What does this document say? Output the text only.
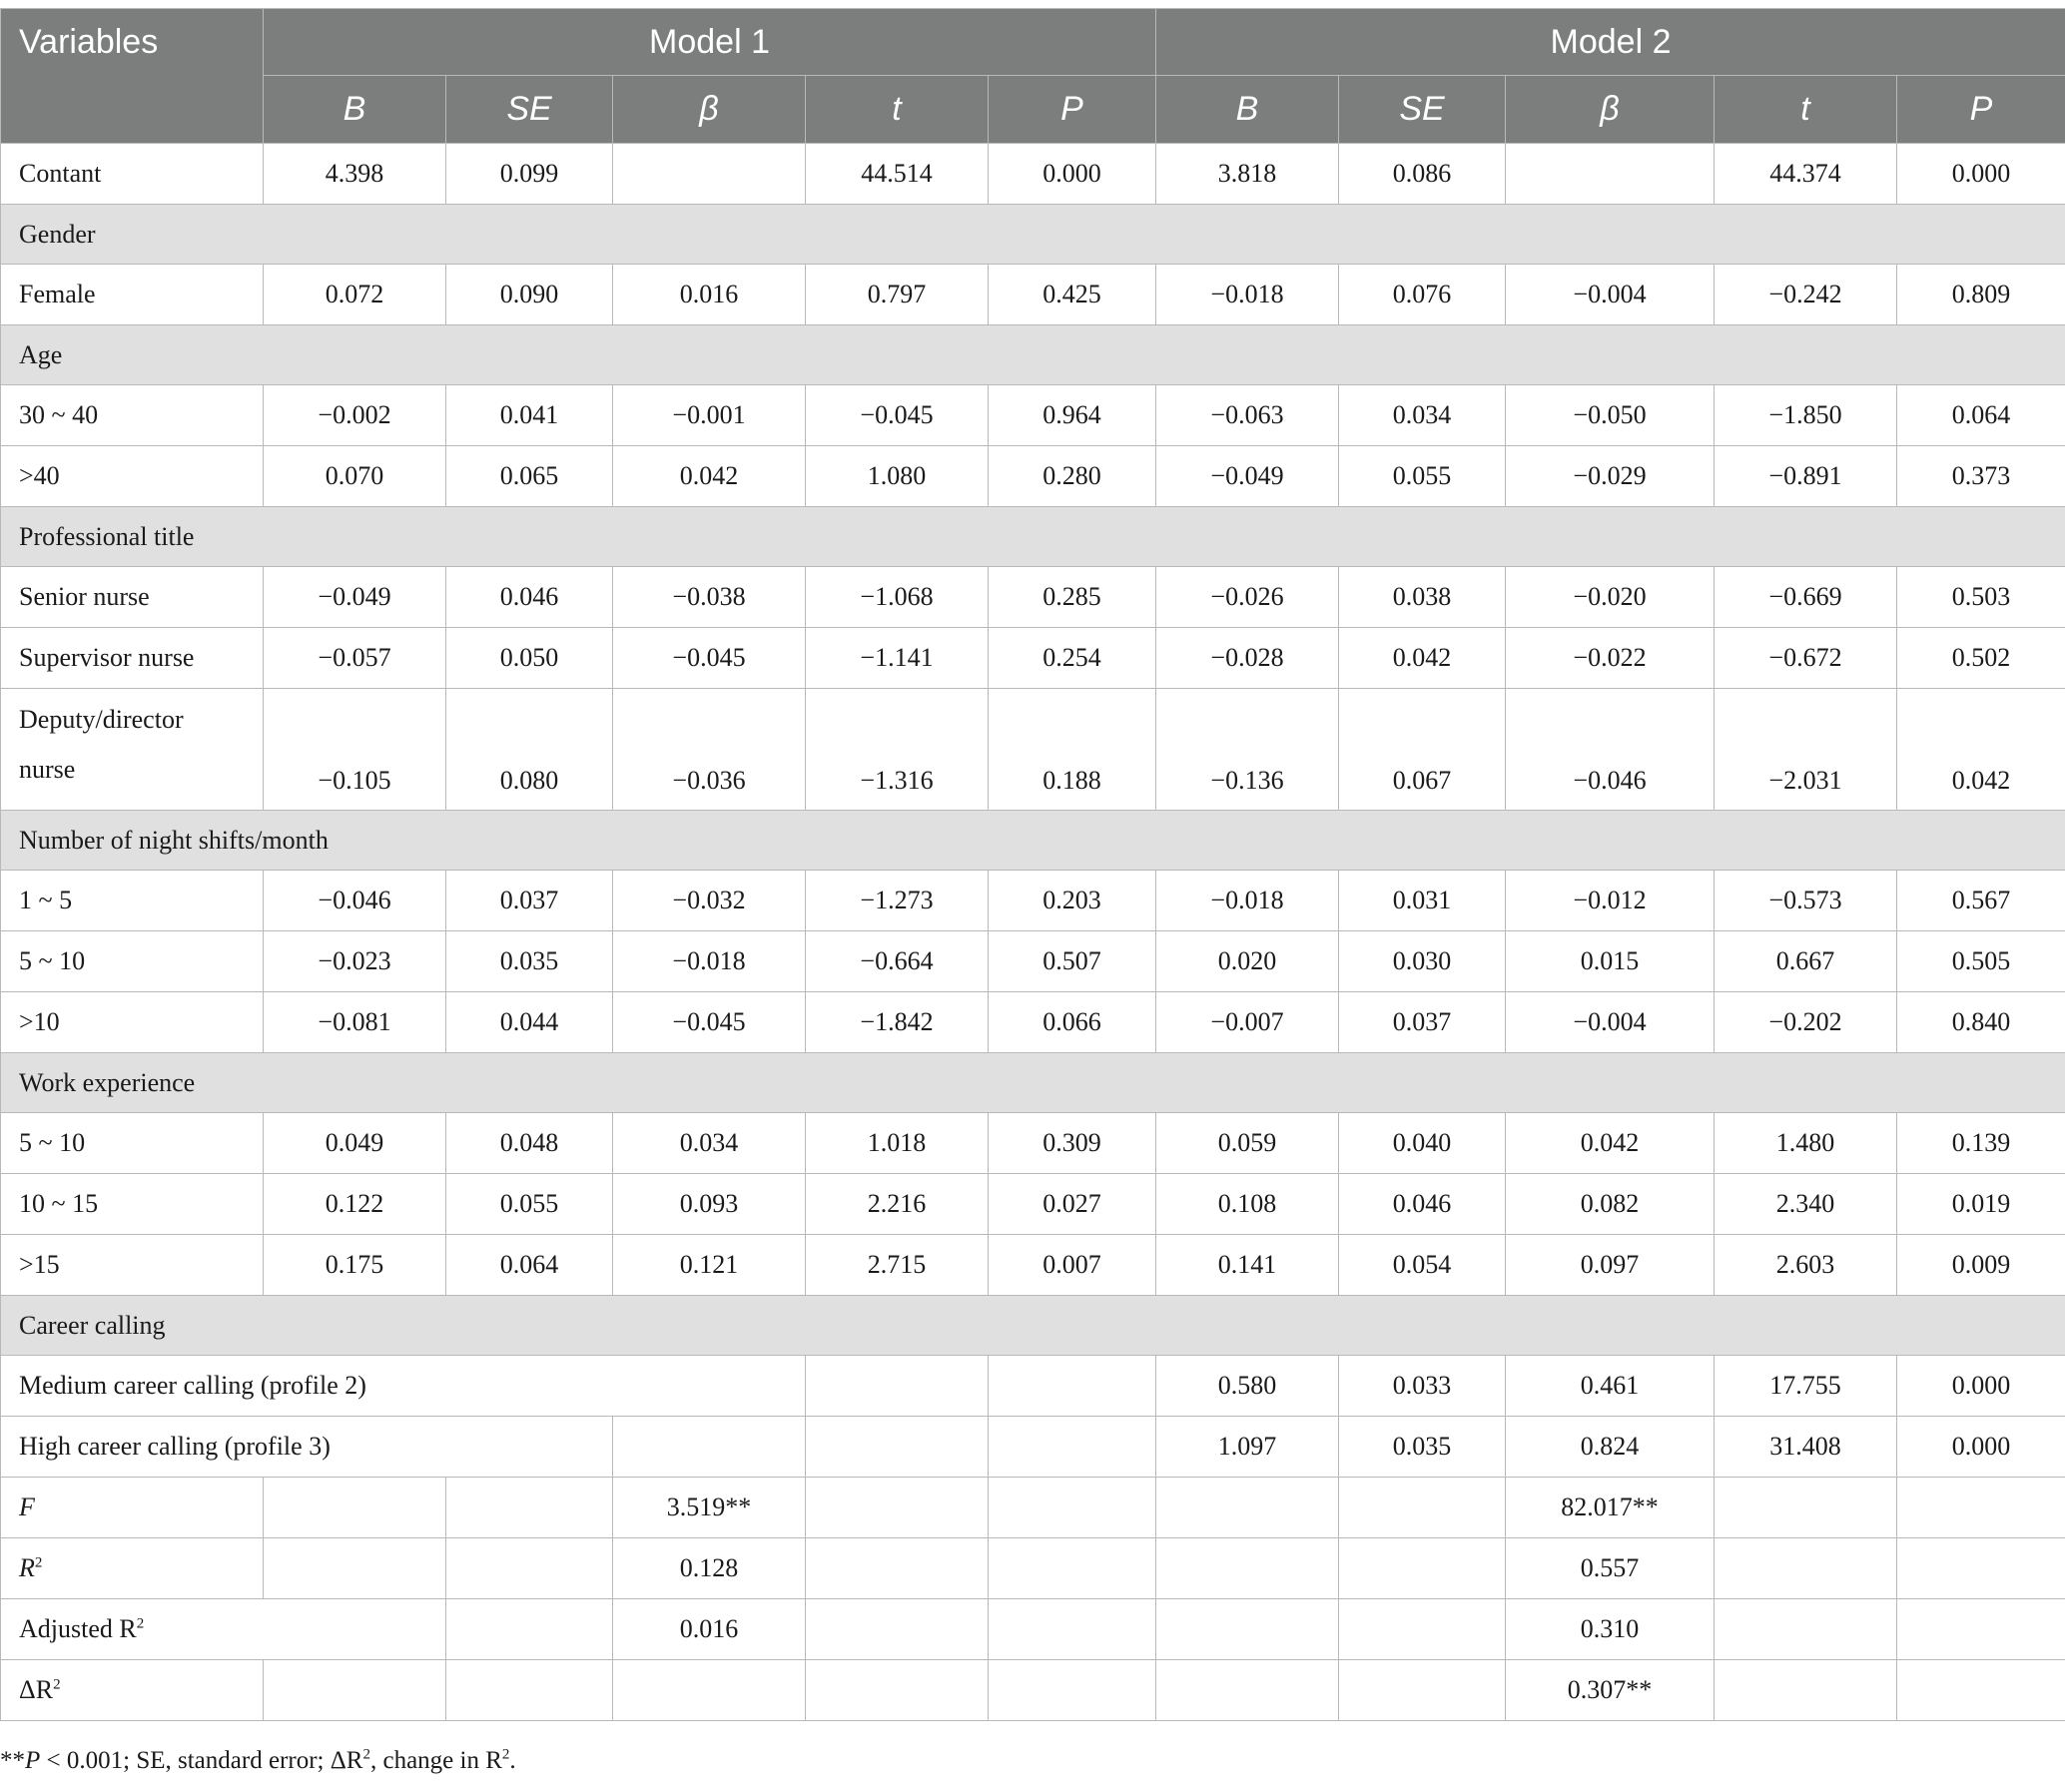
Variables	Model 1					Model 2				
	B	SE	β	t	P	B	SE	β	t	P
Contant	4.398	0.099		44.514	0.000	3.818	0.086		44.374	0.000
Gender										
Female	0.072	0.090	0.016	0.797	0.425	−0.018	0.076	−0.004	−0.242	0.809
Age										
30 ~ 40	−0.002	0.041	−0.001	−0.045	0.964	−0.063	0.034	−0.050	−1.850	0.064
>40	0.070	0.065	0.042	1.080	0.280	−0.049	0.055	−0.029	−0.891	0.373
Professional title										
Senior nurse	−0.049	0.046	−0.038	−1.068	0.285	−0.026	0.038	−0.020	−0.669	0.503
Supervisor nurse	−0.057	0.050	−0.045	−1.141	0.254	−0.028	0.042	−0.022	−0.672	0.502
Deputy/director nurse	−0.105	0.080	−0.036	−1.316	0.188	−0.136	0.067	−0.046	−2.031	0.042
Number of night shifts/month										
1 ~ 5	−0.046	0.037	−0.032	−1.273	0.203	−0.018	0.031	−0.012	−0.573	0.567
5 ~ 10	−0.023	0.035	−0.018	−0.664	0.507	0.020	0.030	0.015	0.667	0.505
>10	−0.081	0.044	−0.045	−1.842	0.066	−0.007	0.037	−0.004	−0.202	0.840
Work experience										
5 ~ 10	0.049	0.048	0.034	1.018	0.309	0.059	0.040	0.042	1.480	0.139
10 ~ 15	0.122	0.055	0.093	2.216	0.027	0.108	0.046	0.082	2.340	0.019
>15	0.175	0.064	0.121	2.715	0.007	0.141	0.054	0.097	2.603	0.009
Career calling										
Medium career calling (profile 2)						0.580	0.033	0.461	17.755	0.000
High career calling (profile 3)						1.097	0.035	0.824	31.408	0.000
F			3.519**					82.017**		
$R^2$			0.128					0.557		
Adjusted $R^2$			0.016					0.310		
$\Delta R^2$								0.307**		
**P < 0.001; SE, standard error; $\Delta R^2$, change in $R^2$.
